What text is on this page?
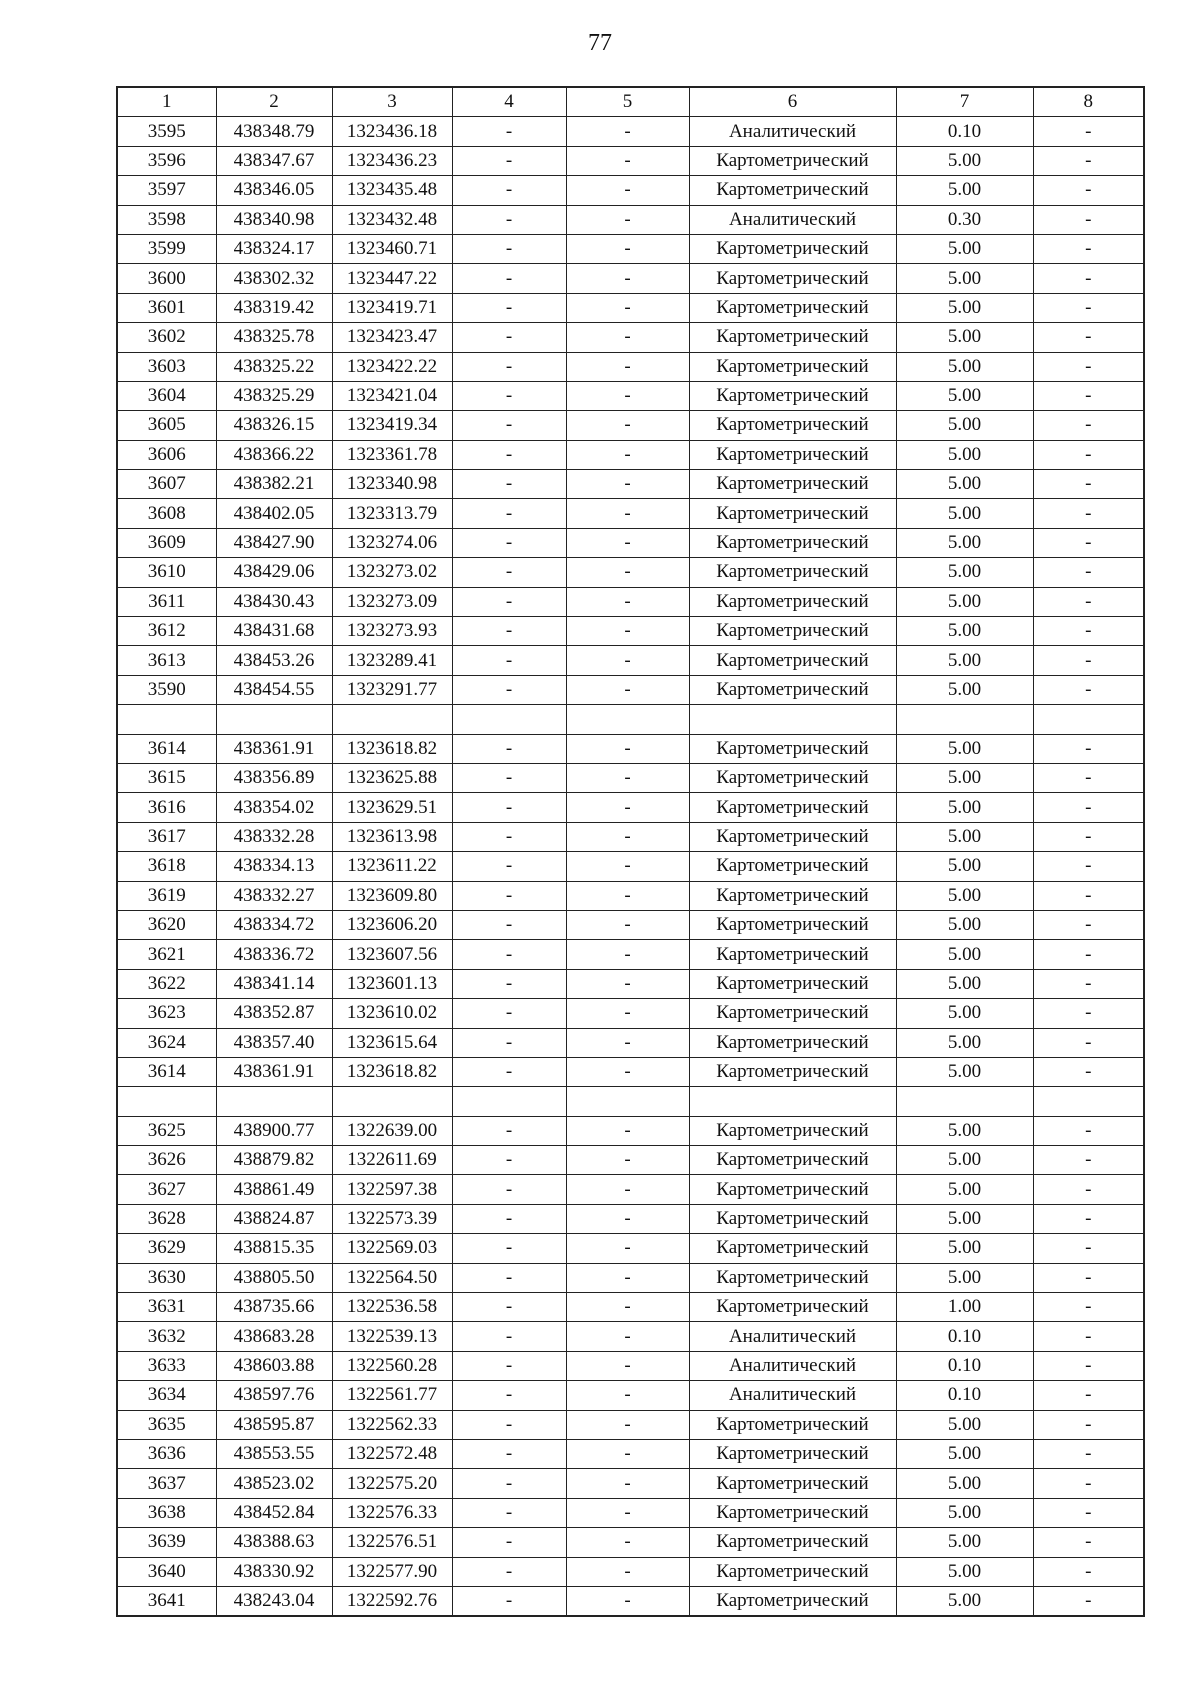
77
1	2	3	4	5	6	7	8
3595	438348.79	1323436.18	-	-	Аналитический	0.10	-
3596	438347.67	1323436.23	-	-	Картометрический	5.00	-
3597	438346.05	1323435.48	-	-	Картометрический	5.00	-
3598	438340.98	1323432.48	-	-	Аналитический	0.30	-
3599	438324.17	1323460.71	-	-	Картометрический	5.00	-
3600	438302.32	1323447.22	-	-	Картометрический	5.00	-
3601	438319.42	1323419.71	-	-	Картометрический	5.00	-
3602	438325.78	1323423.47	-	-	Картометрический	5.00	-
3603	438325.22	1323422.22	-	-	Картометрический	5.00	-
3604	438325.29	1323421.04	-	-	Картометрический	5.00	-
3605	438326.15	1323419.34	-	-	Картометрический	5.00	-
3606	438366.22	1323361.78	-	-	Картометрический	5.00	-
3607	438382.21	1323340.98	-	-	Картометрический	5.00	-
3608	438402.05	1323313.79	-	-	Картометрический	5.00	-
3609	438427.90	1323274.06	-	-	Картометрический	5.00	-
3610	438429.06	1323273.02	-	-	Картометрический	5.00	-
3611	438430.43	1323273.09	-	-	Картометрический	5.00	-
3612	438431.68	1323273.93	-	-	Картометрический	5.00	-
3613	438453.26	1323289.41	-	-	Картометрический	5.00	-
3590	438454.55	1323291.77	-	-	Картометрический	5.00	-

3614	438361.91	1323618.82	-	-	Картометрический	5.00	-
3615	438356.89	1323625.88	-	-	Картометрический	5.00	-
3616	438354.02	1323629.51	-	-	Картометрический	5.00	-
3617	438332.28	1323613.98	-	-	Картометрический	5.00	-
3618	438334.13	1323611.22	-	-	Картометрический	5.00	-
3619	438332.27	1323609.80	-	-	Картометрический	5.00	-
3620	438334.72	1323606.20	-	-	Картометрический	5.00	-
3621	438336.72	1323607.56	-	-	Картометрический	5.00	-
3622	438341.14	1323601.13	-	-	Картометрический	5.00	-
3623	438352.87	1323610.02	-	-	Картометрический	5.00	-
3624	438357.40	1323615.64	-	-	Картометрический	5.00	-
3614	438361.91	1323618.82	-	-	Картометрический	5.00	-

3625	438900.77	1322639.00	-	-	Картометрический	5.00	-
3626	438879.82	1322611.69	-	-	Картометрический	5.00	-
3627	438861.49	1322597.38	-	-	Картометрический	5.00	-
3628	438824.87	1322573.39	-	-	Картометрический	5.00	-
3629	438815.35	1322569.03	-	-	Картометрический	5.00	-
3630	438805.50	1322564.50	-	-	Картометрический	5.00	-
3631	438735.66	1322536.58	-	-	Картометрический	1.00	-
3632	438683.28	1322539.13	-	-	Аналитический	0.10	-
3633	438603.88	1322560.28	-	-	Аналитический	0.10	-
3634	438597.76	1322561.77	-	-	Аналитический	0.10	-
3635	438595.87	1322562.33	-	-	Картометрический	5.00	-
3636	438553.55	1322572.48	-	-	Картометрический	5.00	-
3637	438523.02	1322575.20	-	-	Картометрический	5.00	-
3638	438452.84	1322576.33	-	-	Картометрический	5.00	-
3639	438388.63	1322576.51	-	-	Картометрический	5.00	-
3640	438330.92	1322577.90	-	-	Картометрический	5.00	-
3641	438243.04	1322592.76	-	-	Картометрический	5.00	-
